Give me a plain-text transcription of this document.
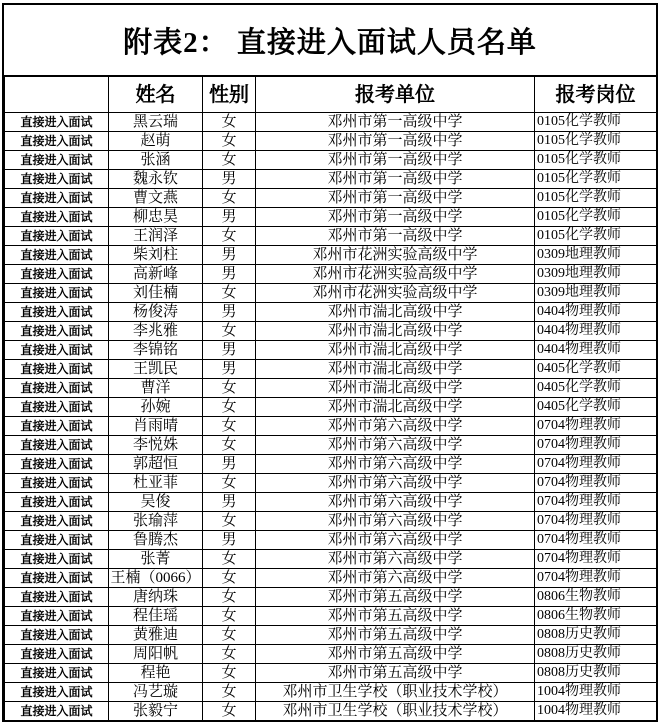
附表2： 直接进入面试人员名单
	姓名	性别	报考单位	报考岗位
直接进入面试	黑云瑞	女	邓州市第一高级中学	0105化学教师
直接进入面试	赵萌	女	邓州市第一高级中学	0105化学教师
直接进入面试	张涵	女	邓州市第一高级中学	0105化学教师
直接进入面试	魏永钦	男	邓州市第一高级中学	0105化学教师
直接进入面试	曹文燕	女	邓州市第一高级中学	0105化学教师
直接进入面试	柳忠昊	男	邓州市第一高级中学	0105化学教师
直接进入面试	王润泽	女	邓州市第一高级中学	0105化学教师
直接进入面试	柴刘柱	男	邓州市花洲实验高级中学	0309地理教师
直接进入面试	高新峰	男	邓州市花洲实验高级中学	0309地理教师
直接进入面试	刘佳楠	女	邓州市花洲实验高级中学	0309地理教师
直接进入面试	杨俊涛	男	邓州市湍北高级中学	0404物理教师
直接进入面试	李兆雅	女	邓州市湍北高级中学	0404物理教师
直接进入面试	李锦铭	男	邓州市湍北高级中学	0404物理教师
直接进入面试	王凯民	男	邓州市湍北高级中学	0405化学教师
直接进入面试	曹洋	女	邓州市湍北高级中学	0405化学教师
直接进入面试	孙婉	女	邓州市湍北高级中学	0405化学教师
直接进入面试	肖雨晴	女	邓州市第六高级中学	0704物理教师
直接进入面试	李悦姝	女	邓州市第六高级中学	0704物理教师
直接进入面试	郭超恒	男	邓州市第六高级中学	0704物理教师
直接进入面试	杜亚菲	女	邓州市第六高级中学	0704物理教师
直接进入面试	吴俊	男	邓州市第六高级中学	0704物理教师
直接进入面试	张瑜萍	女	邓州市第六高级中学	0704物理教师
直接进入面试	鲁腾杰	男	邓州市第六高级中学	0704物理教师
直接进入面试	张菁	女	邓州市第六高级中学	0704物理教师
直接进入面试	王楠（0066）	女	邓州市第六高级中学	0704物理教师
直接进入面试	唐纳珠	女	邓州市第五高级中学	0806生物教师
直接进入面试	程佳瑶	女	邓州市第五高级中学	0806生物教师
直接进入面试	黄雅迪	女	邓州市第五高级中学	0808历史教师
直接进入面试	周阳帆	女	邓州市第五高级中学	0808历史教师
直接进入面试	程艳	女	邓州市第五高级中学	0808历史教师
直接进入面试	冯艺璇	女	邓州市卫生学校（职业技术学校）	1004物理教师
直接进入面试	张毅宁	女	邓州市卫生学校（职业技术学校）	1004物理教师
